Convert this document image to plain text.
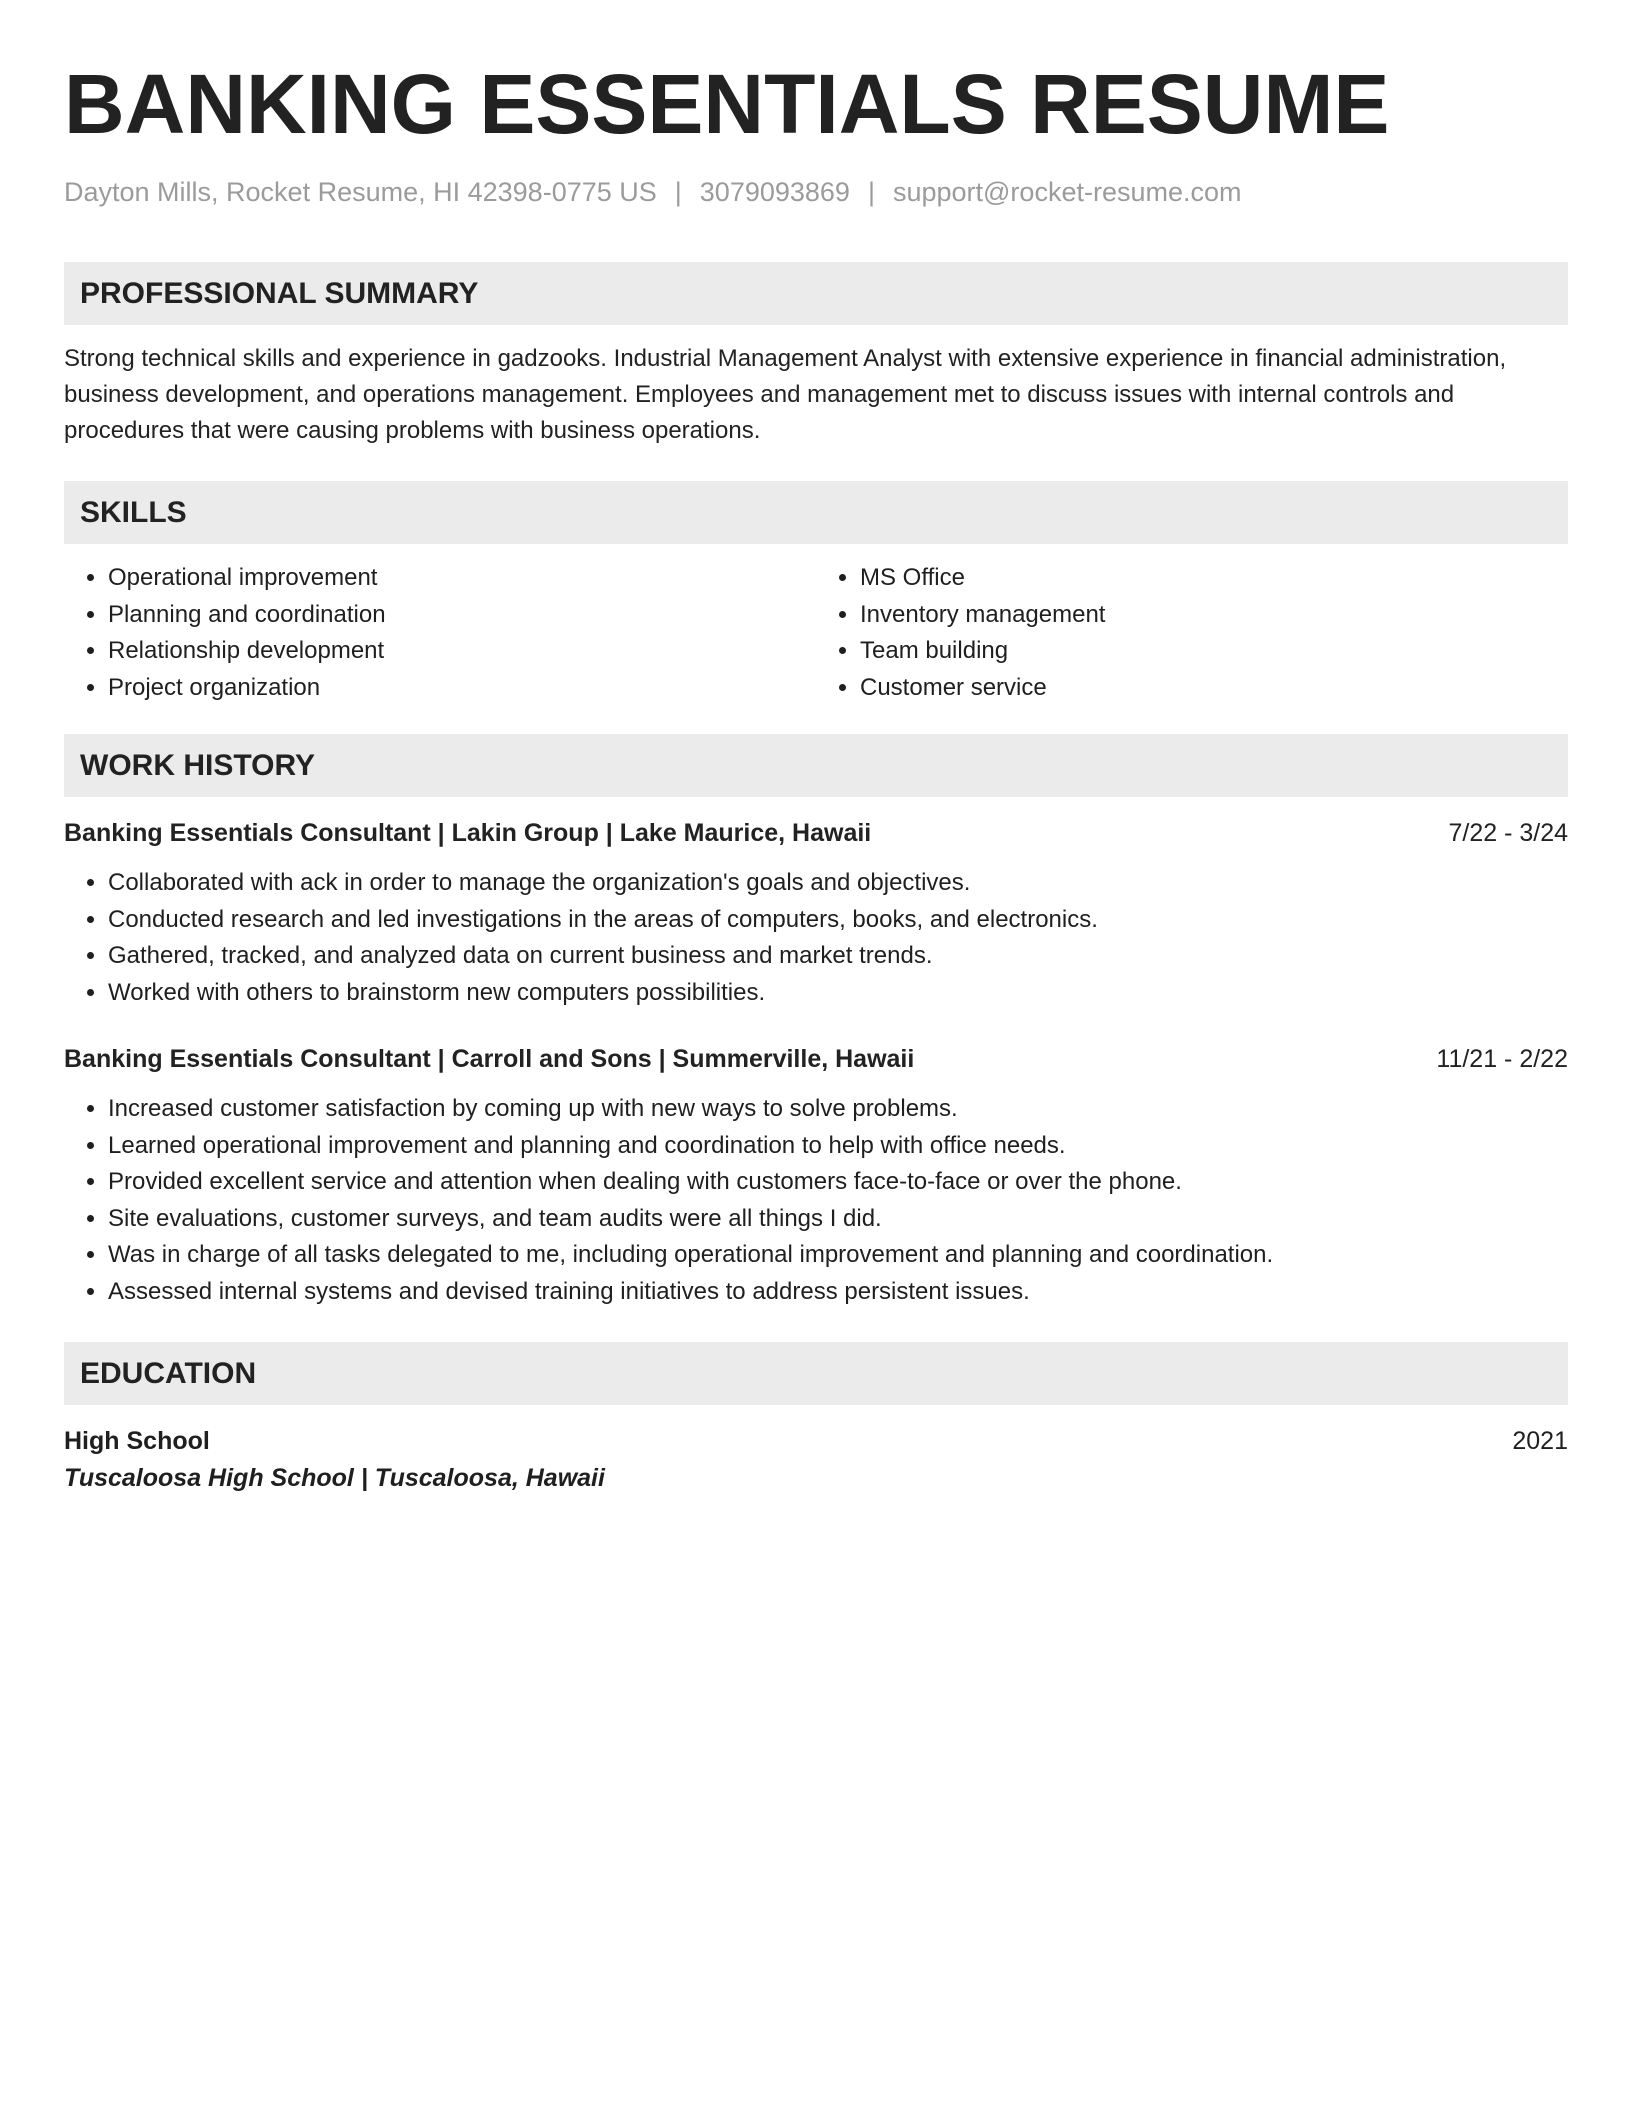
BANKING ESSENTIALS RESUME
Dayton Mills, Rocket Resume, HI 42398-0775 US | 3079093869 | support@rocket-resume.com
PROFESSIONAL SUMMARY
Strong technical skills and experience in gadzooks. Industrial Management Analyst with extensive experience in financial administration, business development, and operations management. Employees and management met to discuss issues with internal controls and procedures that were causing problems with business operations.
SKILLS
• Operational improvement
• Planning and coordination
• Relationship development
• Project organization
• MS Office
• Inventory management
• Team building
• Customer service
WORK HISTORY
Banking Essentials Consultant | Lakin Group | Lake Maurice, Hawaii	7/22 - 3/24
• Collaborated with ack in order to manage the organization's goals and objectives.
• Conducted research and led investigations in the areas of computers, books, and electronics.
• Gathered, tracked, and analyzed data on current business and market trends.
• Worked with others to brainstorm new computers possibilities.
Banking Essentials Consultant | Carroll and Sons | Summerville, Hawaii	11/21 - 2/22
• Increased customer satisfaction by coming up with new ways to solve problems.
• Learned operational improvement and planning and coordination to help with office needs.
• Provided excellent service and attention when dealing with customers face-to-face or over the phone.
• Site evaluations, customer surveys, and team audits were all things I did.
• Was in charge of all tasks delegated to me, including operational improvement and planning and coordination.
• Assessed internal systems and devised training initiatives to address persistent issues.
EDUCATION
High School	2021
Tuscaloosa High School | Tuscaloosa, Hawaii
